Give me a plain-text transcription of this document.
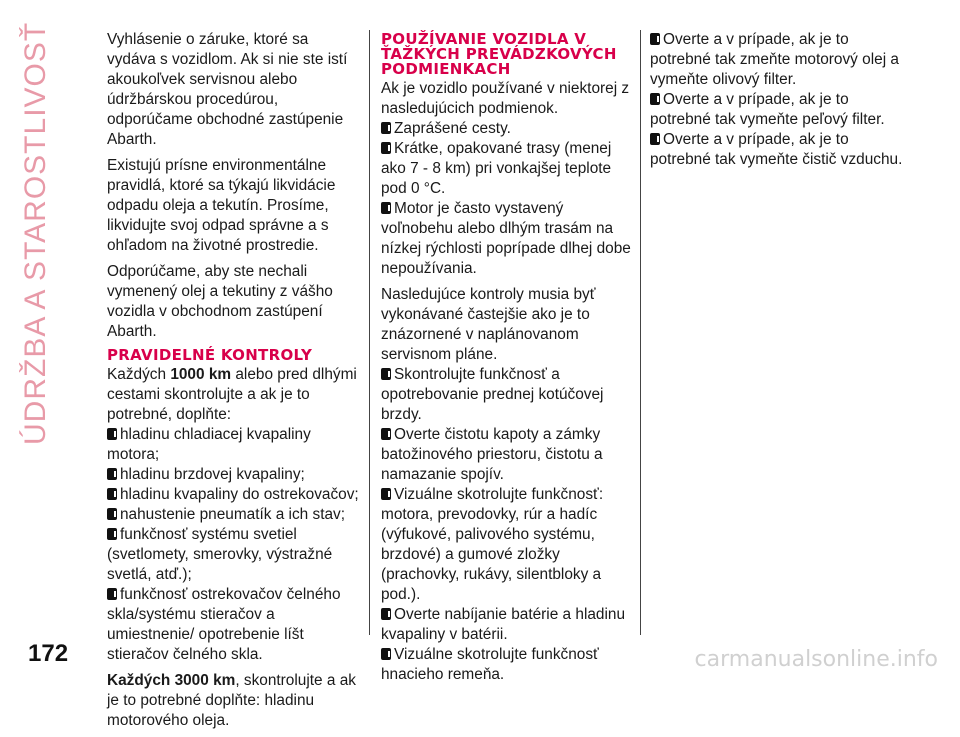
ÚDRŽBA A STAROSTLIVOSŤ	Vyhlásenie o záruke, ktoré sa vydáva s vozidlom. Ak si nie ste istí akoukoľvek servisnou alebo údržbárskou procedúrou, odporúčame obchodné zastúpenie Abarth.

Existujú prísne environmentálne pravidlá, ktoré sa týkajú likvidácie odpadu oleja a tekutín. Prosíme, likvidujte svoj odpad správne a s ohľadom na životné prostredie.

Odporúčame, aby ste nechali vymenený olej a tekutiny z vášho vozidla v obchodnom zastúpení Abarth.

PRAVIDELNÉ KONTROLY

Každých 1000 km alebo pred dlhými cestami skontrolujte a ak je to potrebné, doplňte:

hladinu chladiacej kvapaliny motora;

hladinu brzdovej kvapaliny;

hladinu kvapaliny do ostrekovačov;

nahustenie pneumatík a ich stav;

funkčnosť systému svetiel (svetlomety, smerovky, výstražné svetlá, atď.);

funkčnosť ostrekovačov čelného skla/systému stieračov a umiestnenie/ opotrebenie líšt stieračov čelného skla.

Každých 3000 km, skontrolujte a ak je to potrebné doplňte: hladinu motorového oleja.

POUŽÍVANIE VOZIDLA V ŤAŽKÝCH PREVÁDZKOVÝCH PODMIENKACH

Ak je vozidlo používané v niektorej z nasledujúcich podmienok.

Zaprášené cesty.

Krátke, opakované trasy (menej ako 7 - 8 km) pri vonkajšej teplote pod 0 °C.

Motor je často vystavený voľnobehu alebo dlhým trasám na nízkej rýchlosti poprípade dlhej dobe nepoužívania.

Nasledujúce kontroly musia byť vykonávané častejšie ako je to znázornené v naplánovanom servisnom pláne.

Skontrolujte funkčnosť a opotrebovanie prednej kotúčovej brzdy.

Overte čistotu kapoty a zámky batožinového priestoru, čistotu a namazanie spojív.

Vizuálne skotrolujte funkčnosť: motora, prevodovky, rúr a hadíc (výfukové, palivového systému, brzdové) a gumové zložky (prachovky, rukávy, silentbloky a pod.).

Overte nabíjanie batérie a hladinu kvapaliny v batérii.

Vizuálne skotrolujte funkčnosť hnacieho remeňa.

Overte a v prípade, ak je to potrebné tak zmeňte motorový olej a vymeňte olivový filter.

Overte a v prípade, ak je to potrebné tak vymeňte peľový filter.

Overte a v prípade, ak je to potrebné tak vymeňte čistič vzduchu.

172	carmanualsonline.info
